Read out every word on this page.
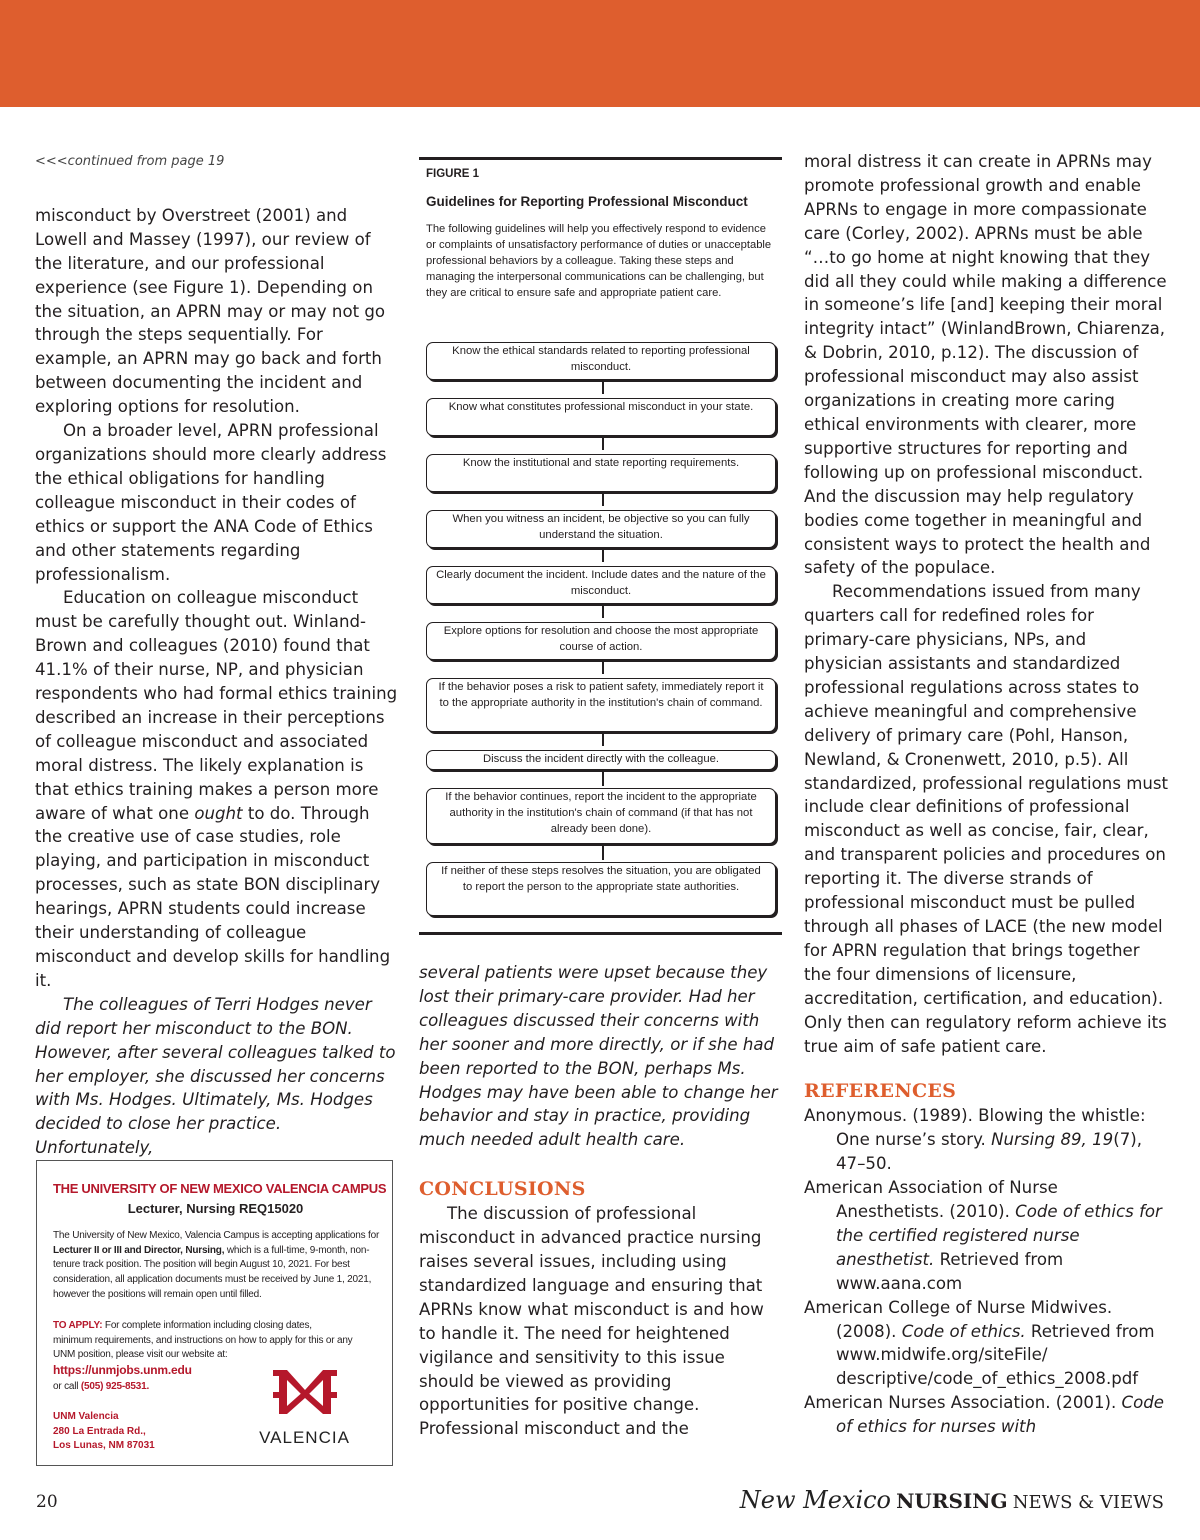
<<<continued from page 19

misconduct by Overstreet (2001) and Lowell and Massey (1997), our review of the literature, and our professional experience (see Figure 1). Depending on the situation, an APRN may or may not go through the steps sequentially. For example, an APRN may go back and forth between documenting the incident and exploring options for resolution.

On a broader level, APRN professional organizations should more clearly address the ethical obligations for handling colleague misconduct in their codes of ethics or support the ANA Code of Ethics and other statements regarding professionalism.

Education on colleague misconduct must be carefully thought out. Winland-Brown and colleagues (2010) found that 41.1% of their nurse, NP, and physician respondents who had formal ethics training described an increase in their perceptions of colleague misconduct and associated moral distress. The likely explanation is that ethics training makes a person more aware of what one ought to do. Through the creative use of case studies, role playing, and participation in misconduct processes, such as state BON disciplinary hearings, APRN students could increase their understanding of colleague misconduct and develop skills for handling it.

The colleagues of Terri Hodges never did report her misconduct to the BON. However, after several colleagues talked to her employer, she discussed her concerns with Ms. Hodges. Ultimately, Ms. Hodges decided to close her practice. Unfortunately,

FIGURE 1
Guidelines for Reporting Professional Misconduct
The following guidelines will help you effectively respond to evidence or complaints of unsatisfactory performance of duties or unacceptable professional behaviors by a colleague. Taking these steps and managing the interpersonal communications can be challenging, but they are critical to ensure safe and appropriate patient care.
Know the ethical standards related to reporting professional misconduct.
Know what constitutes professional misconduct in your state.
Know the institutional and state reporting requirements.
When you witness an incident, be objective so you can fully understand the situation.
Clearly document the incident. Include dates and the nature of the misconduct.
Explore options for resolution and choose the most appropriate course of action.
If the behavior poses a risk to patient safety, immediately report it to the appropriate authority in the institution's chain of command.
Discuss the incident directly with the colleague.
If the behavior continues, report the incident to the appropriate authority in the institution's chain of command (if that has not already been done).
If neither of these steps resolves the situation, you are obligated to report the person to the appropriate state authorities.

several patients were upset because they lost their primary-care provider. Had her colleagues discussed their concerns with her sooner and more directly, or if she had been reported to the BON, perhaps Ms. Hodges may have been able to change her behavior and stay in practice, providing much needed adult health care.

CONCLUSIONS

The discussion of professional misconduct in advanced practice nursing raises several issues, including using standardized language and ensuring that APRNs know what misconduct is and how to handle it. The need for heightened vigilance and sensitivity to this issue should be viewed as providing opportunities for positive change. Professional misconduct and the

moral distress it can create in APRNs may promote professional growth and enable APRNs to engage in more compassionate care (Corley, 2002). APRNs must be able “…to go home at night knowing that they did all they could while making a difference in someone’s life [and] keeping their moral integrity intact” (WinlandBrown, Chiarenza, & Dobrin, 2010, p.12). The discussion of professional misconduct may also assist organizations in creating more caring ethical environments with clearer, more supportive structures for reporting and following up on professional misconduct. And the discussion may help regulatory bodies come together in meaningful and consistent ways to protect the health and safety of the populace.

Recommendations issued from many quarters call for redefined roles for primary-care physicians, NPs, and physician assistants and standardized professional regulations across states to achieve meaningful and comprehensive delivery of primary care (Pohl, Hanson, Newland, & Cronenwett, 2010, p.5). All standardized, professional regulations must include clear definitions of professional misconduct as well as concise, fair, clear, and transparent policies and procedures on reporting it. The diverse strands of professional misconduct must be pulled through all phases of LACE (the new model for APRN regulation that brings together the four dimensions of licensure, accreditation, certification, and education). Only then can regulatory reform achieve its true aim of safe patient care.

REFERENCES

Anonymous. (1989). Blowing the whistle: One nurse’s story. Nursing 89, 19(7), 47–50.

American Association of Nurse Anesthetists. (2010). Code of ethics for the certified registered nurse anesthetist. Retrieved from www.aana.com

American College of Nurse Midwives. (2008). Code of ethics. Retrieved from www.midwife.org/siteFile/ descriptive/code_of_ethics_2008.pdf

American Nurses Association. (2001). Code of ethics for nurses with

THE UNIVERSITY OF NEW MEXICO VALENCIA CAMPUS
Lecturer, Nursing REQ15020
The University of New Mexico, Valencia Campus is accepting applications for Lecturer II or III and Director, Nursing, which is a full-time, 9-month, non-tenure track position. The position will begin August 10, 2021. For best consideration, all application documents must be received by June 1, 2021, however the positions will remain open until filled.
TO APPLY: For complete information including closing dates, minimum requirements, and instructions on how to apply for this or any UNM position, please visit our website at:
https://unmjobs.unm.edu
or call (505) 925-8531.
UNM Valencia
280 La Entrada Rd.,
Los Lunas, NM 87031	VALENCIA
20	New Mexico NURSING NEWS & VIEWS
